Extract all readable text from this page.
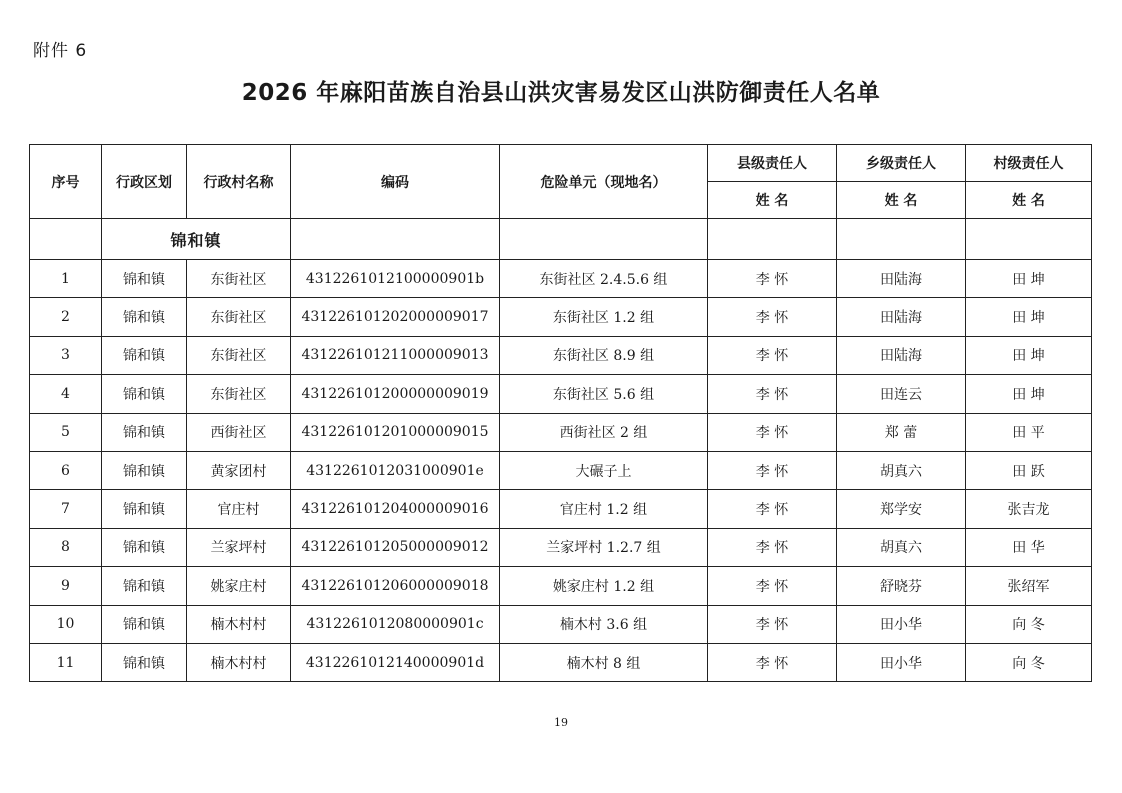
附件 6
2026 年麻阳苗族自治县山洪灾害易发区山洪防御责任人名单
序号	行政区划	行政村名称	编码	危险单元（现地名）	县级责任人	乡级责任人	村级责任人
					姓 名	姓 名	姓 名
	锦和镇						
1	锦和镇	东街社区	4312261012100000901b	东街社区 2.4.5.6 组	李 怀	田陆海	田 坤
2	锦和镇	东街社区	431226101202000009017	东街社区 1.2 组	李 怀	田陆海	田 坤
3	锦和镇	东街社区	431226101211000009013	东街社区 8.9 组	李 怀	田陆海	田 坤
4	锦和镇	东街社区	431226101200000009019	东街社区 5.6 组	李 怀	田连云	田 坤
5	锦和镇	西街社区	431226101201000009015	西街社区 2 组	李 怀	郑 蕾	田 平
6	锦和镇	黄家团村	4312261012031000901e	大碾子上	李 怀	胡真六	田 跃
7	锦和镇	官庄村	431226101204000009016	官庄村 1.2 组	李 怀	郑学安	张吉龙
8	锦和镇	兰家坪村	431226101205000009012	兰家坪村 1.2.7 组	李 怀	胡真六	田 华
9	锦和镇	姚家庄村	431226101206000009018	姚家庄村 1.2 组	李 怀	舒晓芬	张绍军
10	锦和镇	楠木村村	4312261012080000901c	楠木村 3.6 组	李 怀	田小华	向 冬
11	锦和镇	楠木村村	4312261012140000901d	楠木村 8 组	李 怀	田小华	向 冬
19
